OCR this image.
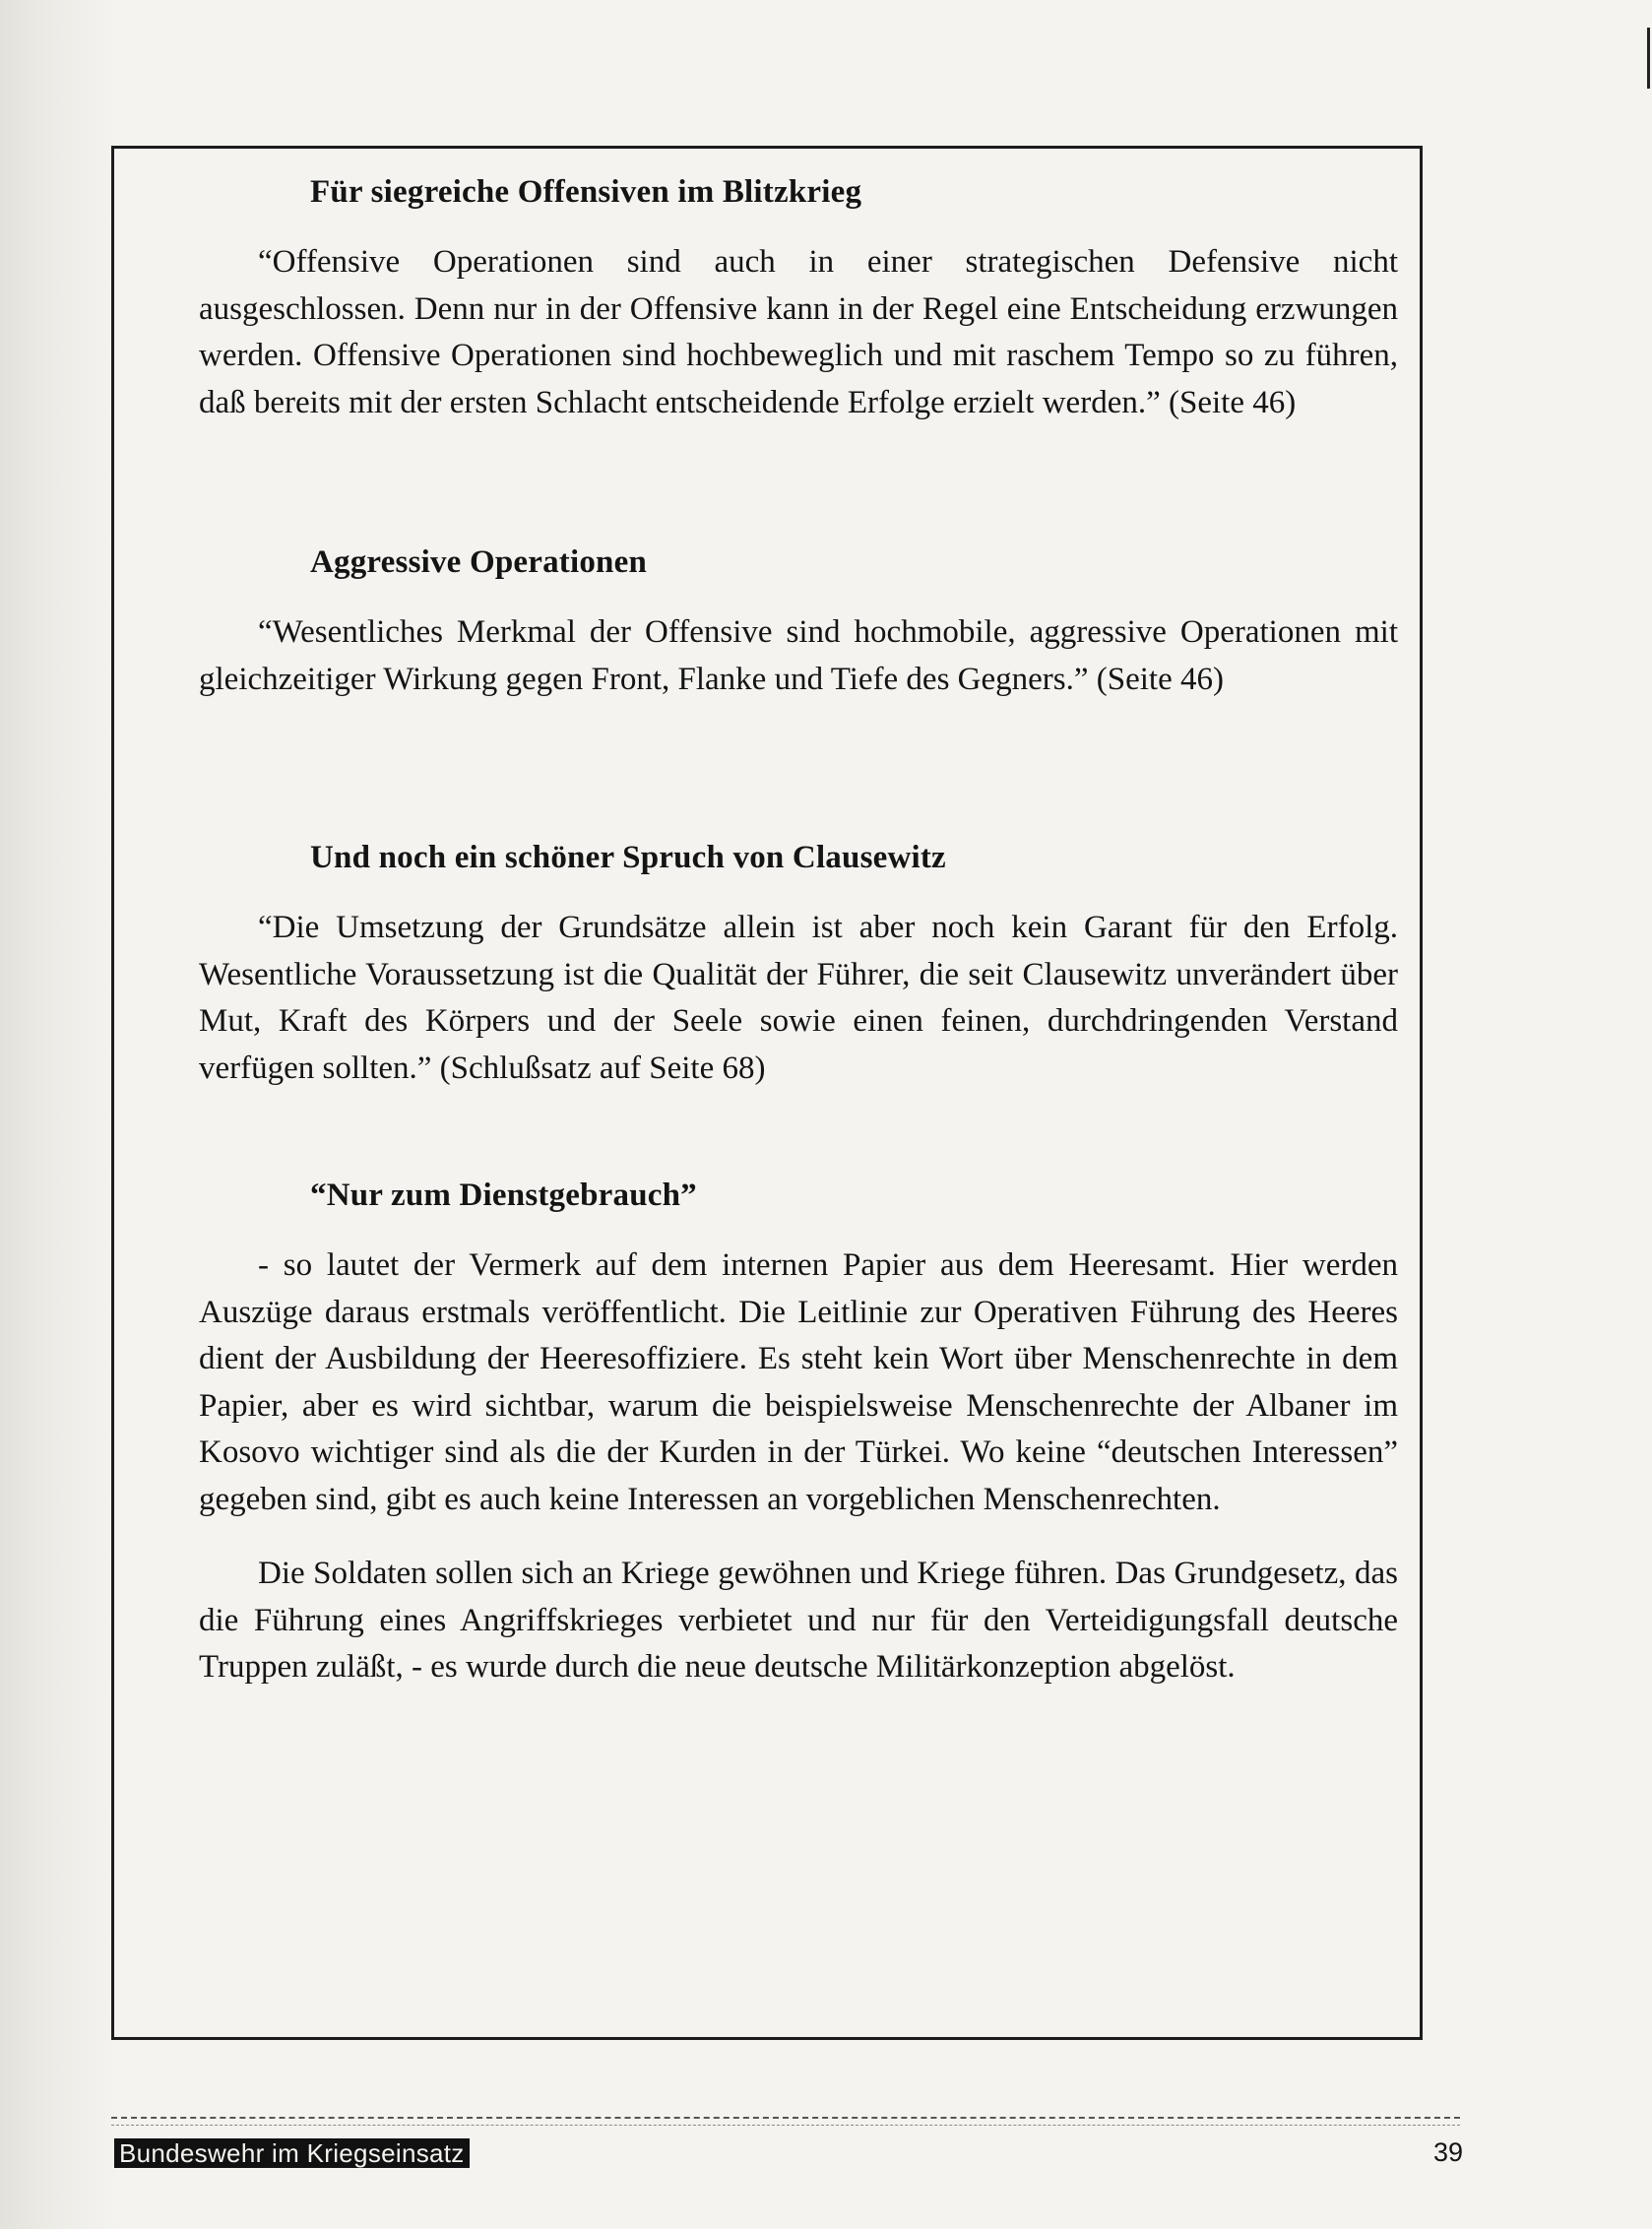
Für siegreiche Offensiven im Blitzkrieg

“Offensive Operationen sind auch in einer strategischen Defensive nicht ausgeschlossen. Denn nur in der Offensive kann in der Regel eine Entscheidung erzwungen werden. Offensive Operationen sind hochbeweglich und mit raschem Tempo so zu führen, daß bereits mit der ersten Schlacht entscheidende Erfolge erzielt werden.” (Seite 46)

Aggressive Operationen

“Wesentliches Merkmal der Offensive sind hochmobile, aggressive Operationen mit gleichzeitiger Wirkung gegen Front, Flanke und Tiefe des Gegners.” (Seite 46)

Und noch ein schöner Spruch von Clausewitz

“Die Umsetzung der Grundsätze allein ist aber noch kein Garant für den Erfolg. Wesentliche Voraussetzung ist die Qualität der Führer, die seit Clausewitz unverändert über Mut, Kraft des Körpers und der Seele sowie einen feinen, durchdringenden Verstand verfügen sollten.” (Schlußsatz auf Seite 68)

“Nur zum Dienstgebrauch”

- so lautet der Vermerk auf dem internen Papier aus dem Heeresamt. Hier werden Auszüge daraus erstmals veröffentlicht. Die Leitlinie zur Operativen Führung des Heeres dient der Ausbildung der Heeresoffiziere. Es steht kein Wort über Menschenrechte in dem Papier, aber es wird sichtbar, warum die beispielsweise Menschenrechte der Albaner im Kosovo wichtiger sind als die der Kurden in der Türkei. Wo keine “deutschen Interessen” gegeben sind, gibt es auch keine Interessen an vorgeblichen Menschenrechten.

Die Soldaten sollen sich an Kriege gewöhnen und Kriege führen. Das Grundgesetz, das die Führung eines Angriffskrieges verbietet und nur für den Verteidigungsfall deutsche Truppen zuläßt, - es wurde durch die neue deutsche Militärkonzeption abgelöst.

Bundeswehr im Kriegseinsatz	39
